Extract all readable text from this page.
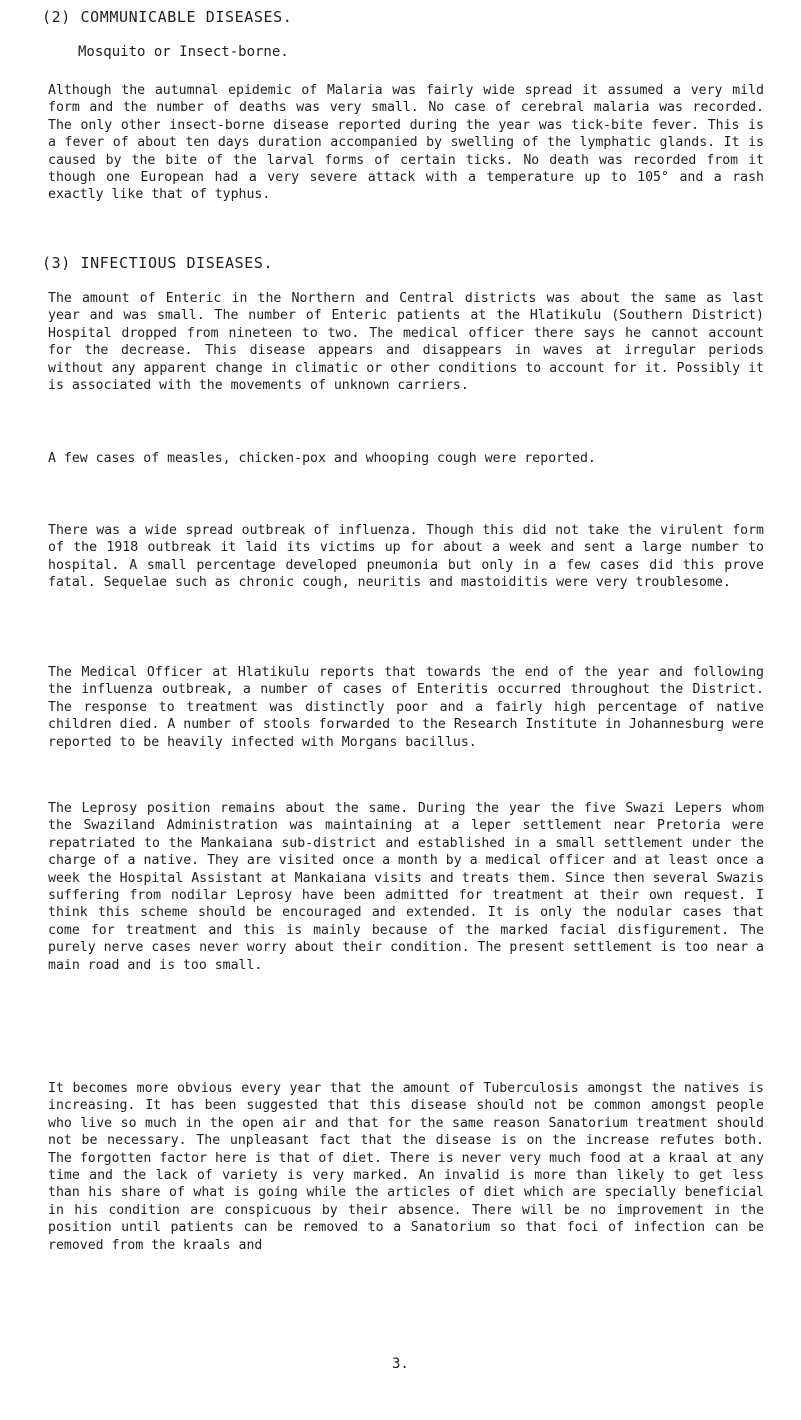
(2) COMMUNICABLE DISEASES.
Mosquito or Insect-borne.

Although the autumnal epidemic of Malaria was fairly wide spread it assumed a very mild form and the number of deaths was very small. No case of cerebral malaria was recorded. The only other insect-borne disease reported during the year was tick-bite fever. This is a fever of about ten days duration accompanied by swelling of the lymphatic glands. It is caused by the bite of the larval forms of certain ticks. No death was recorded from it though one European had a very severe attack with a temperature up to 105° and a rash exactly like that of typhus.

(3) INFECTIOUS DISEASES.

The amount of Enteric in the Northern and Central districts was about the same as last year and was small. The number of Enteric patients at the Hlatikulu (Southern District) Hospital dropped from nineteen to two. The medical officer there says he cannot account for the decrease. This disease appears and disappears in waves at irregular periods without any apparent change in climatic or other conditions to account for it. Possibly it is associated with the movements of unknown carriers.

A few cases of measles, chicken-pox and whooping cough were reported.

There was a wide spread outbreak of influenza. Though this did not take the virulent form of the 1918 outbreak it laid its victims up for about a week and sent a large number to hospital. A small percentage developed pneumonia but only in a few cases did this prove fatal. Sequelae such as chronic cough, neuritis and mastoiditis were very troublesome.

The Medical Officer at Hlatikulu reports that towards the end of the year and following the influenza outbreak, a number of cases of Enteritis occurred throughout the District. The response to treatment was distinctly poor and a fairly high percentage of native children died. A number of stools forwarded to the Research Institute in Johannesburg were reported to be heavily infected with Morgans bacillus.

The Leprosy position remains about the same. During the year the five Swazi Lepers whom the Swaziland Administration was maintaining at a leper settlement near Pretoria were repatriated to the Mankaiana sub-district and established in a small settlement under the charge of a native. They are visited once a month by a medical officer and at least once a week the Hospital Assistant at Mankaiana visits and treats them. Since then several Swazis suffering from nodilar Leprosy have been admitted for treatment at their own request. I think this scheme should be encouraged and extended. It is only the nodular cases that come for treatment and this is mainly because of the marked facial disfigurement. The purely nerve cases never worry about their condition. The present settlement is too near a main road and is too small.

It becomes more obvious every year that the amount of Tuberculosis amongst the natives is increasing. It has been suggested that this disease should not be common amongst people who live so much in the open air and that for the same reason Sanatorium treatment should not be necessary. The unpleasant fact that the disease is on the increase refutes both. The forgotten factor here is that of diet. There is never very much food at a kraal at any time and the lack of variety is very marked. An invalid is more than likely to get less than his share of what is going while the articles of diet which are specially beneficial in his condition are conspicuous by their absence. There will be no improvement in the position until patients can be removed to a Sanatorium so that foci of infection can be removed from the kraals and

3.
